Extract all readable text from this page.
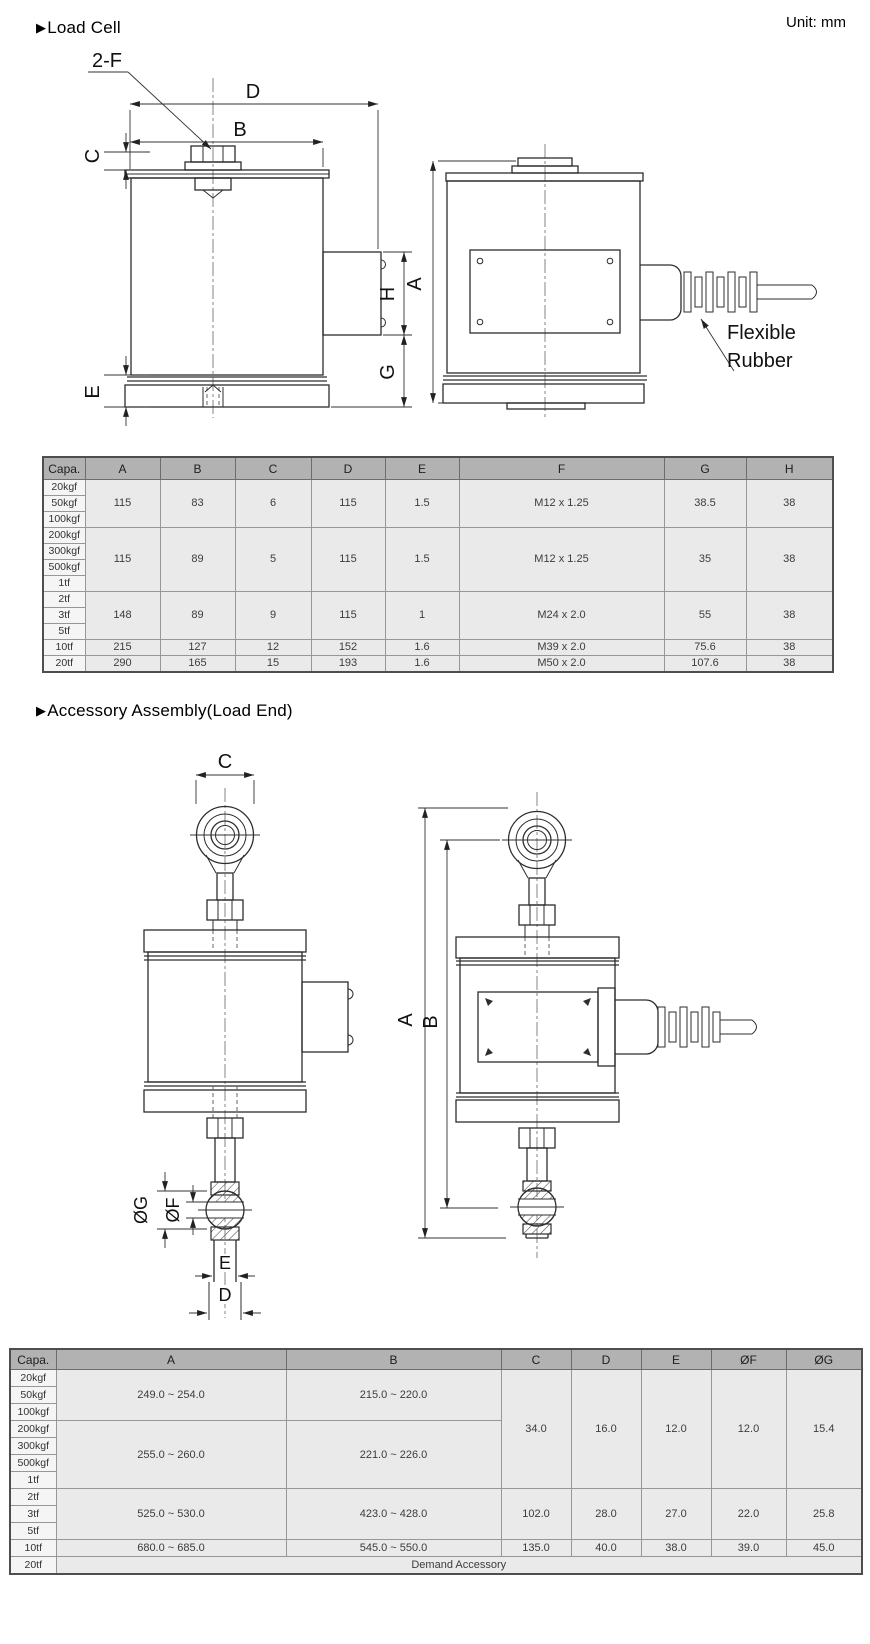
▶Load Cell	Unit: mm
D
B
2-F
C
E
H
G
A
Flexible
Rubber
Capa.	A	B	C	D	E	F	G	H
20kgf	115	83	6	115	1.5	M12 x 1.25	38.5	38
50kgf								
100kgf								
200kgf	115	89	5	115	1.5	M12 x 1.25	35	38
300kgf								
500kgf								
1tf								
2tf	148	89	9	115	1	M24 x 2.0	55	38
3tf								
5tf								
10tf	215	127	12	152	1.6	M39 x 2.0	75.6	38
20tf	290	165	15	193	1.6	M50 x 2.0	107.6	38
▶Accessory Assembly(Load End)
C
ØG ØF
E
D
A B
Capa.	A	B	C	D	E	ØF	ØG
20kgf	249.0 ~ 254.0	215.0 ~ 220.0	34.0	16.0	12.0	12.0	15.4
50kgf							
100kgf							
200kgf	255.0 ~ 260.0	221.0 ~ 226.0					
300kgf							
500kgf							
1tf							
2tf	525.0 ~ 530.0	423.0 ~ 428.0	102.0	28.0	27.0	22.0	25.8
3tf							
5tf							
10tf	680.0 ~ 685.0	545.0 ~ 550.0	135.0	40.0	38.0	39.0	45.0
20tf	Demand Accessory						
